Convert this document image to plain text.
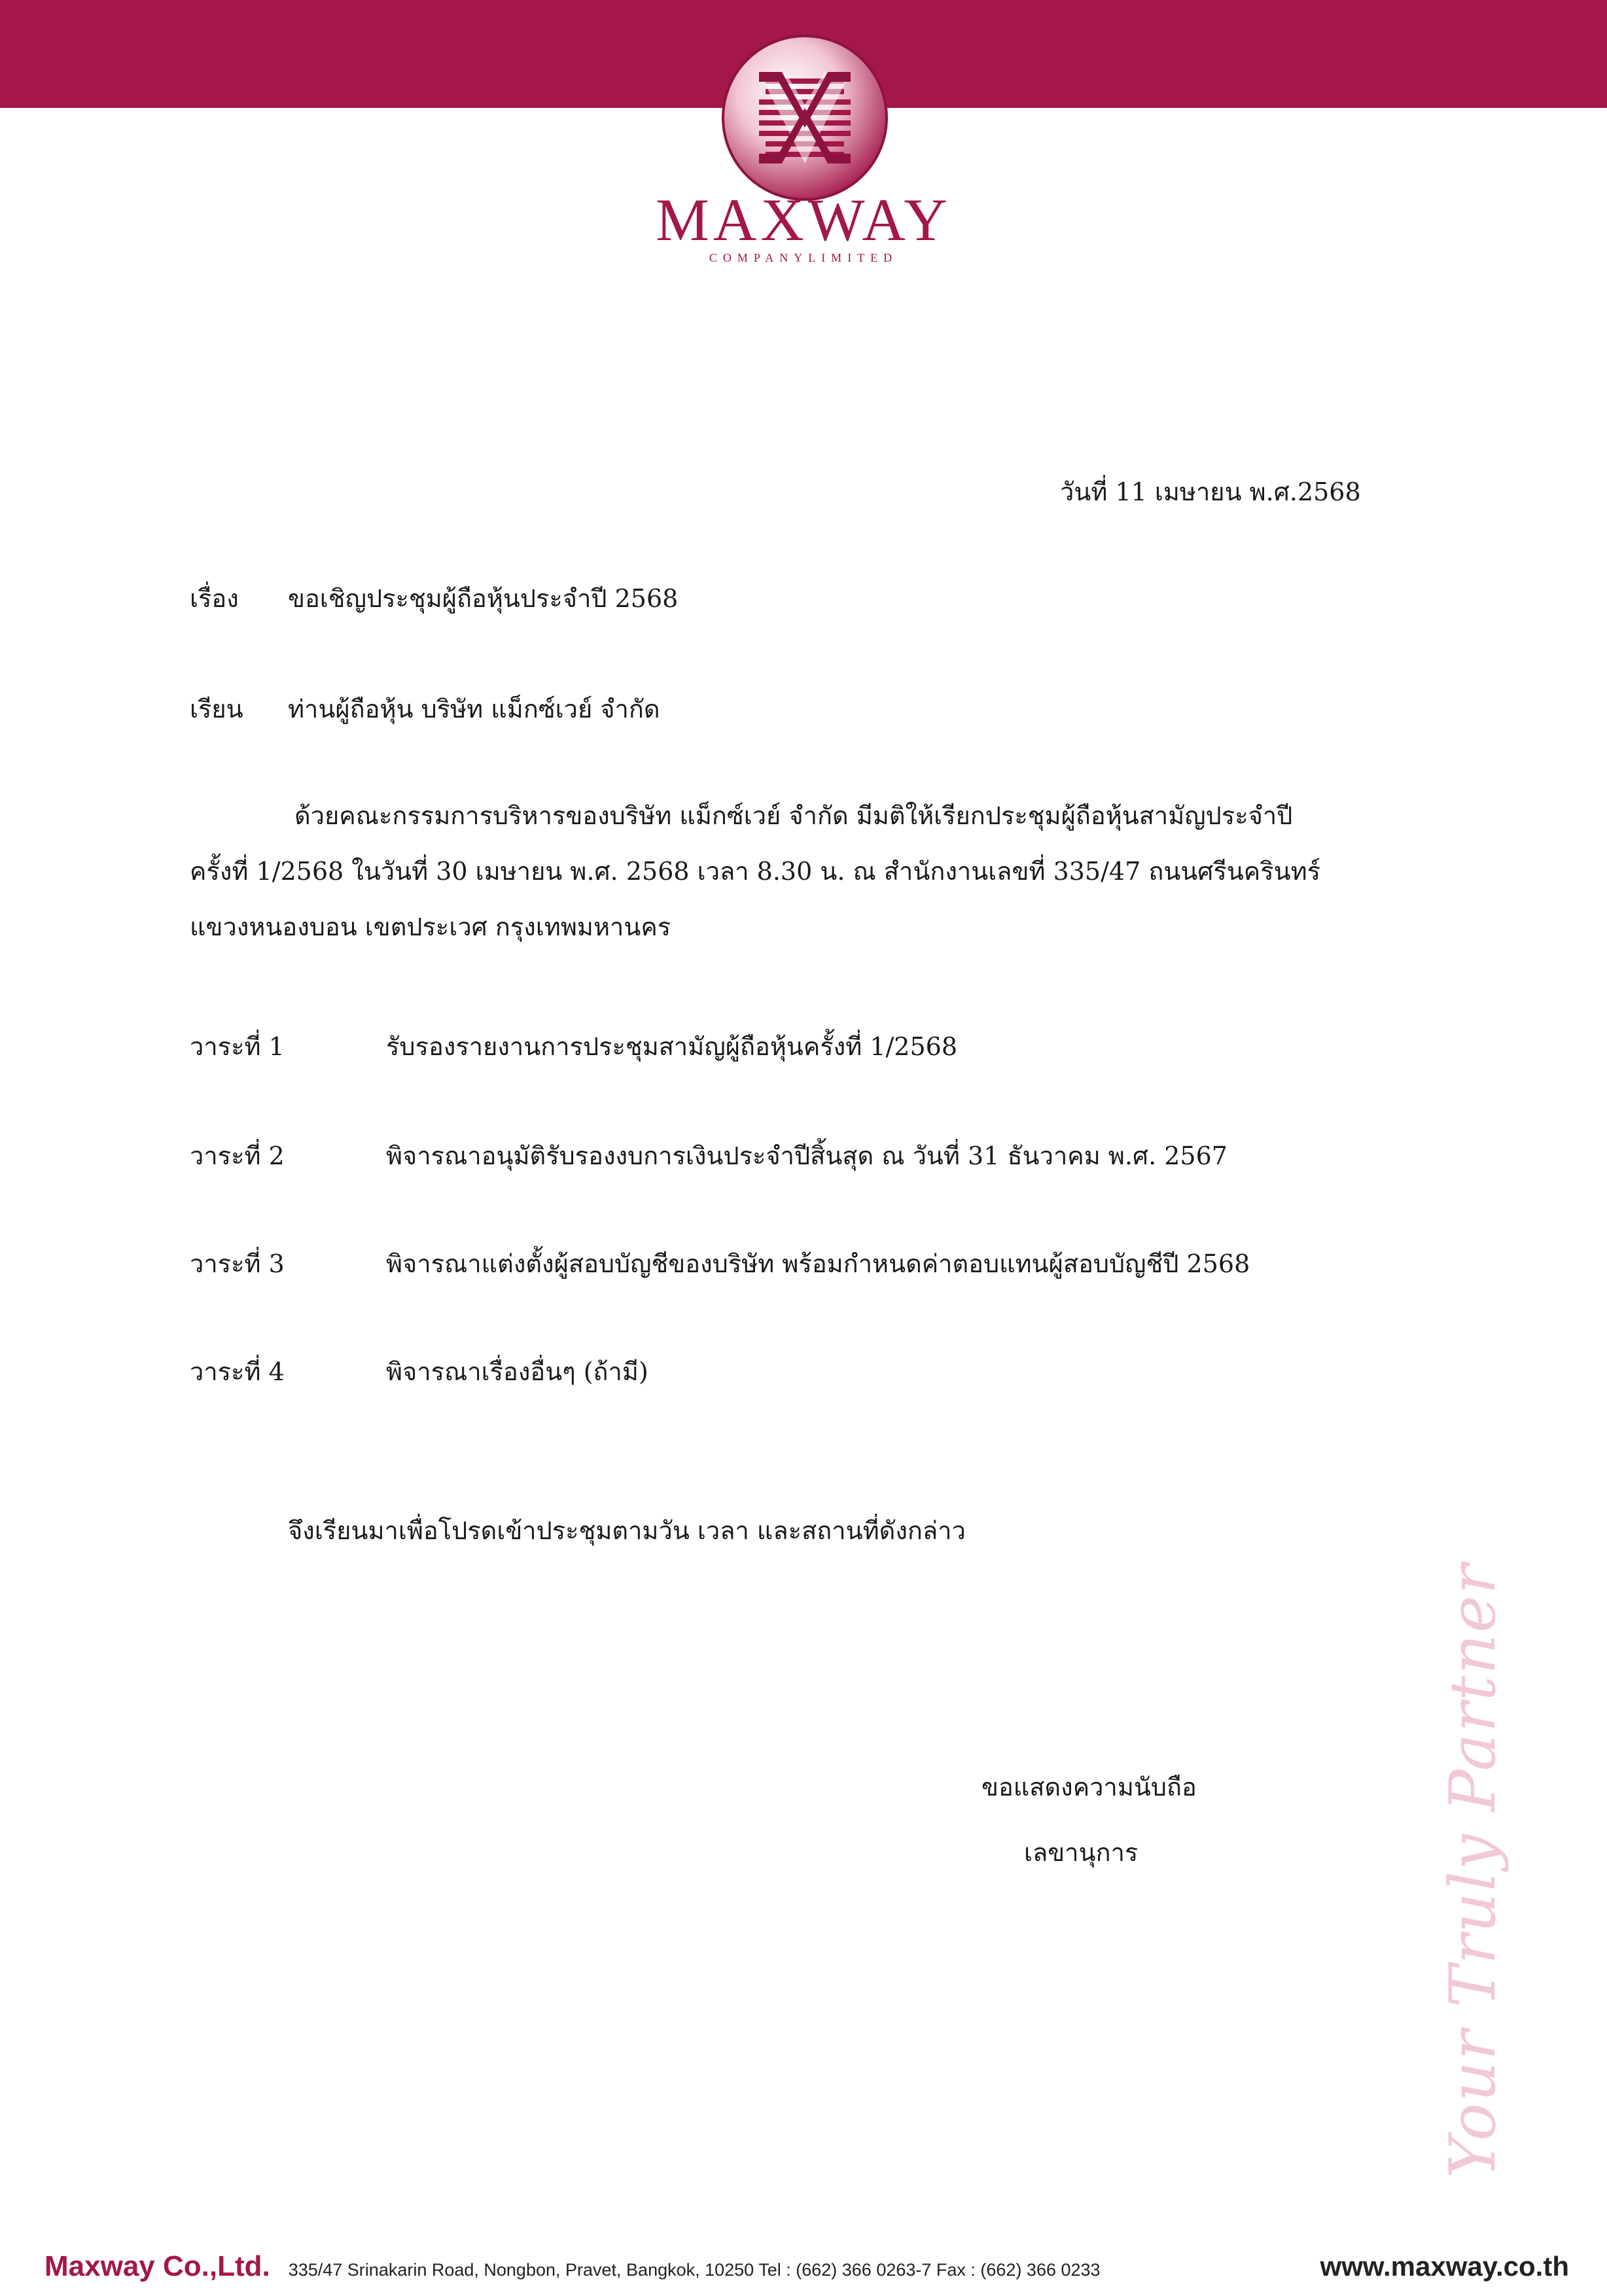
MAXWAY
COMPANYLIMITED
วันที่ 11 เมษายน พ.ศ.2568
เรื่อง ขอเชิญประชุมผู้ถือหุ้นประจำปี 2568
เรียน ท่านผู้ถือหุ้น บริษัท แม็กซ์เวย์ จำกัด
ด้วยคณะกรรมการบริหารของบริษัท แม็กซ์เวย์ จำกัด มีมติให้เรียกประชุมผู้ถือหุ้นสามัญประจำปี
ครั้งที่ 1/2568 ในวันที่ 30 เมษายน พ.ศ. 2568 เวลา 8.30 น. ณ สำนักงานเลขที่ 335/47 ถนนศรีนครินทร์
แขวงหนองบอน เขตประเวศ กรุงเทพมหานคร
วาระที่ 1	รับรองรายงานการประชุมสามัญผู้ถือหุ้นครั้งที่ 1/2568
วาระที่ 2	พิจารณาอนุมัติรับรองงบการเงินประจำปีสิ้นสุด ณ วันที่ 31 ธันวาคม พ.ศ. 2567
วาระที่ 3	พิจารณาแต่งตั้งผู้สอบบัญชีของบริษัท พร้อมกำหนดค่าตอบแทนผู้สอบบัญชีปี 2568
วาระที่ 4	พิจารณาเรื่องอื่นๆ (ถ้ามี)
จึงเรียนมาเพื่อโปรดเข้าประชุมตามวัน เวลา และสถานที่ดังกล่าว
ขอแสดงความนับถือ
เลขานุการ	Your Truly Partner
Maxway Co.,Ltd. 335/47 Srinakarin Road, Nongbon, Pravet, Bangkok, 10250 Tel : (662) 366 0263-7 Fax : (662) 366 0233	www.maxway.co.th
